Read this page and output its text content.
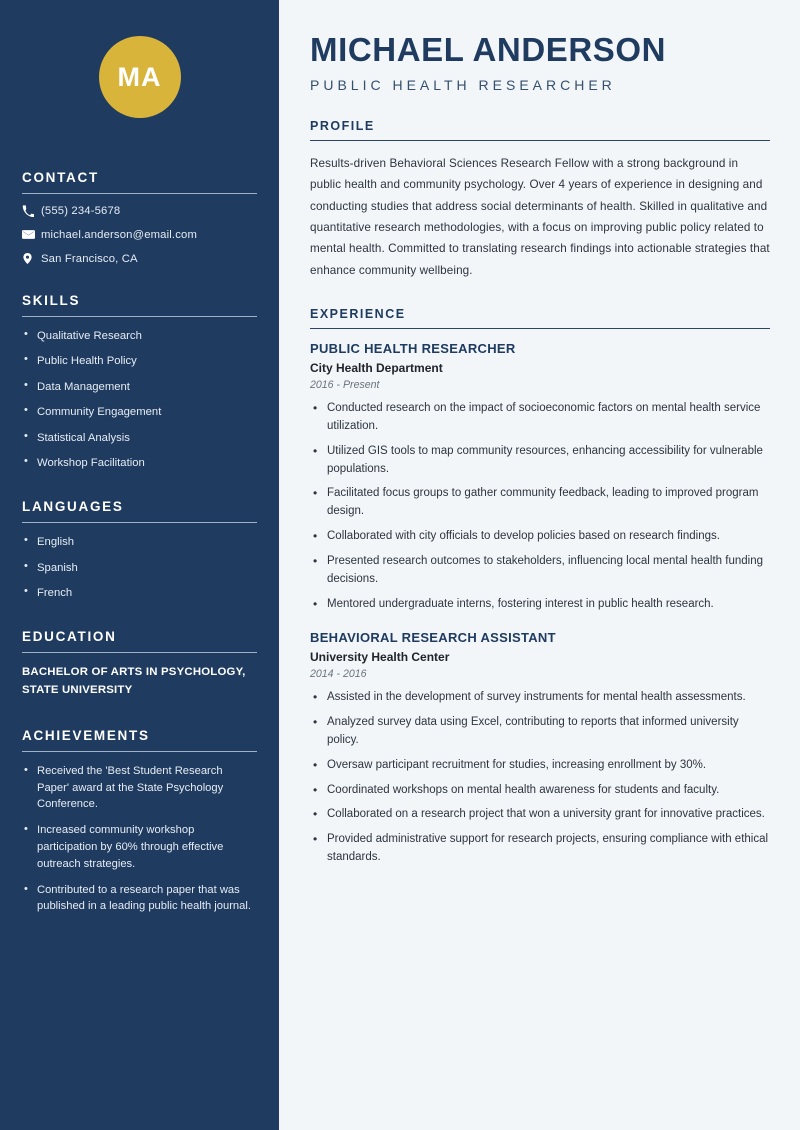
MA
CONTACT
(555) 234-5678
michael.anderson@email.com
San Francisco, CA
SKILLS
• Qualitative Research
• Public Health Policy
• Data Management
• Community Engagement
• Statistical Analysis
• Workshop Facilitation
LANGUAGES
• English
• Spanish
• French
EDUCATION
BACHELOR OF ARTS IN PSYCHOLOGY, STATE UNIVERSITY
ACHIEVEMENTS
• Received the 'Best Student Research Paper' award at the State Psychology Conference.
• Increased community workshop participation by 60% through effective outreach strategies.
• Contributed to a research paper that was published in a leading public health journal.
MICHAEL ANDERSON
PUBLIC HEALTH RESEARCHER
PROFILE

Results-driven Behavioral Sciences Research Fellow with a strong background in public health and community psychology. Over 4 years of experience in designing and conducting studies that address social determinants of health. Skilled in qualitative and quantitative research methodologies, with a focus on improving public policy related to mental health. Committed to translating research findings into actionable strategies that enhance community wellbeing.

EXPERIENCE
PUBLIC HEALTH RESEARCHER
City Health Department
2016 - Present
• Conducted research on the impact of socioeconomic factors on mental health service utilization.
• Utilized GIS tools to map community resources, enhancing accessibility for vulnerable populations.
• Facilitated focus groups to gather community feedback, leading to improved program design.
• Collaborated with city officials to develop policies based on research findings.
• Presented research outcomes to stakeholders, influencing local mental health funding decisions.
• Mentored undergraduate interns, fostering interest in public health research.
BEHAVIORAL RESEARCH ASSISTANT
University Health Center
2014 - 2016
• Assisted in the development of survey instruments for mental health assessments.
• Analyzed survey data using Excel, contributing to reports that informed university policy.
• Oversaw participant recruitment for studies, increasing enrollment by 30%.
• Coordinated workshops on mental health awareness for students and faculty.
• Collaborated on a research project that won a university grant for innovative practices.
• Provided administrative support for research projects, ensuring compliance with ethical standards.
